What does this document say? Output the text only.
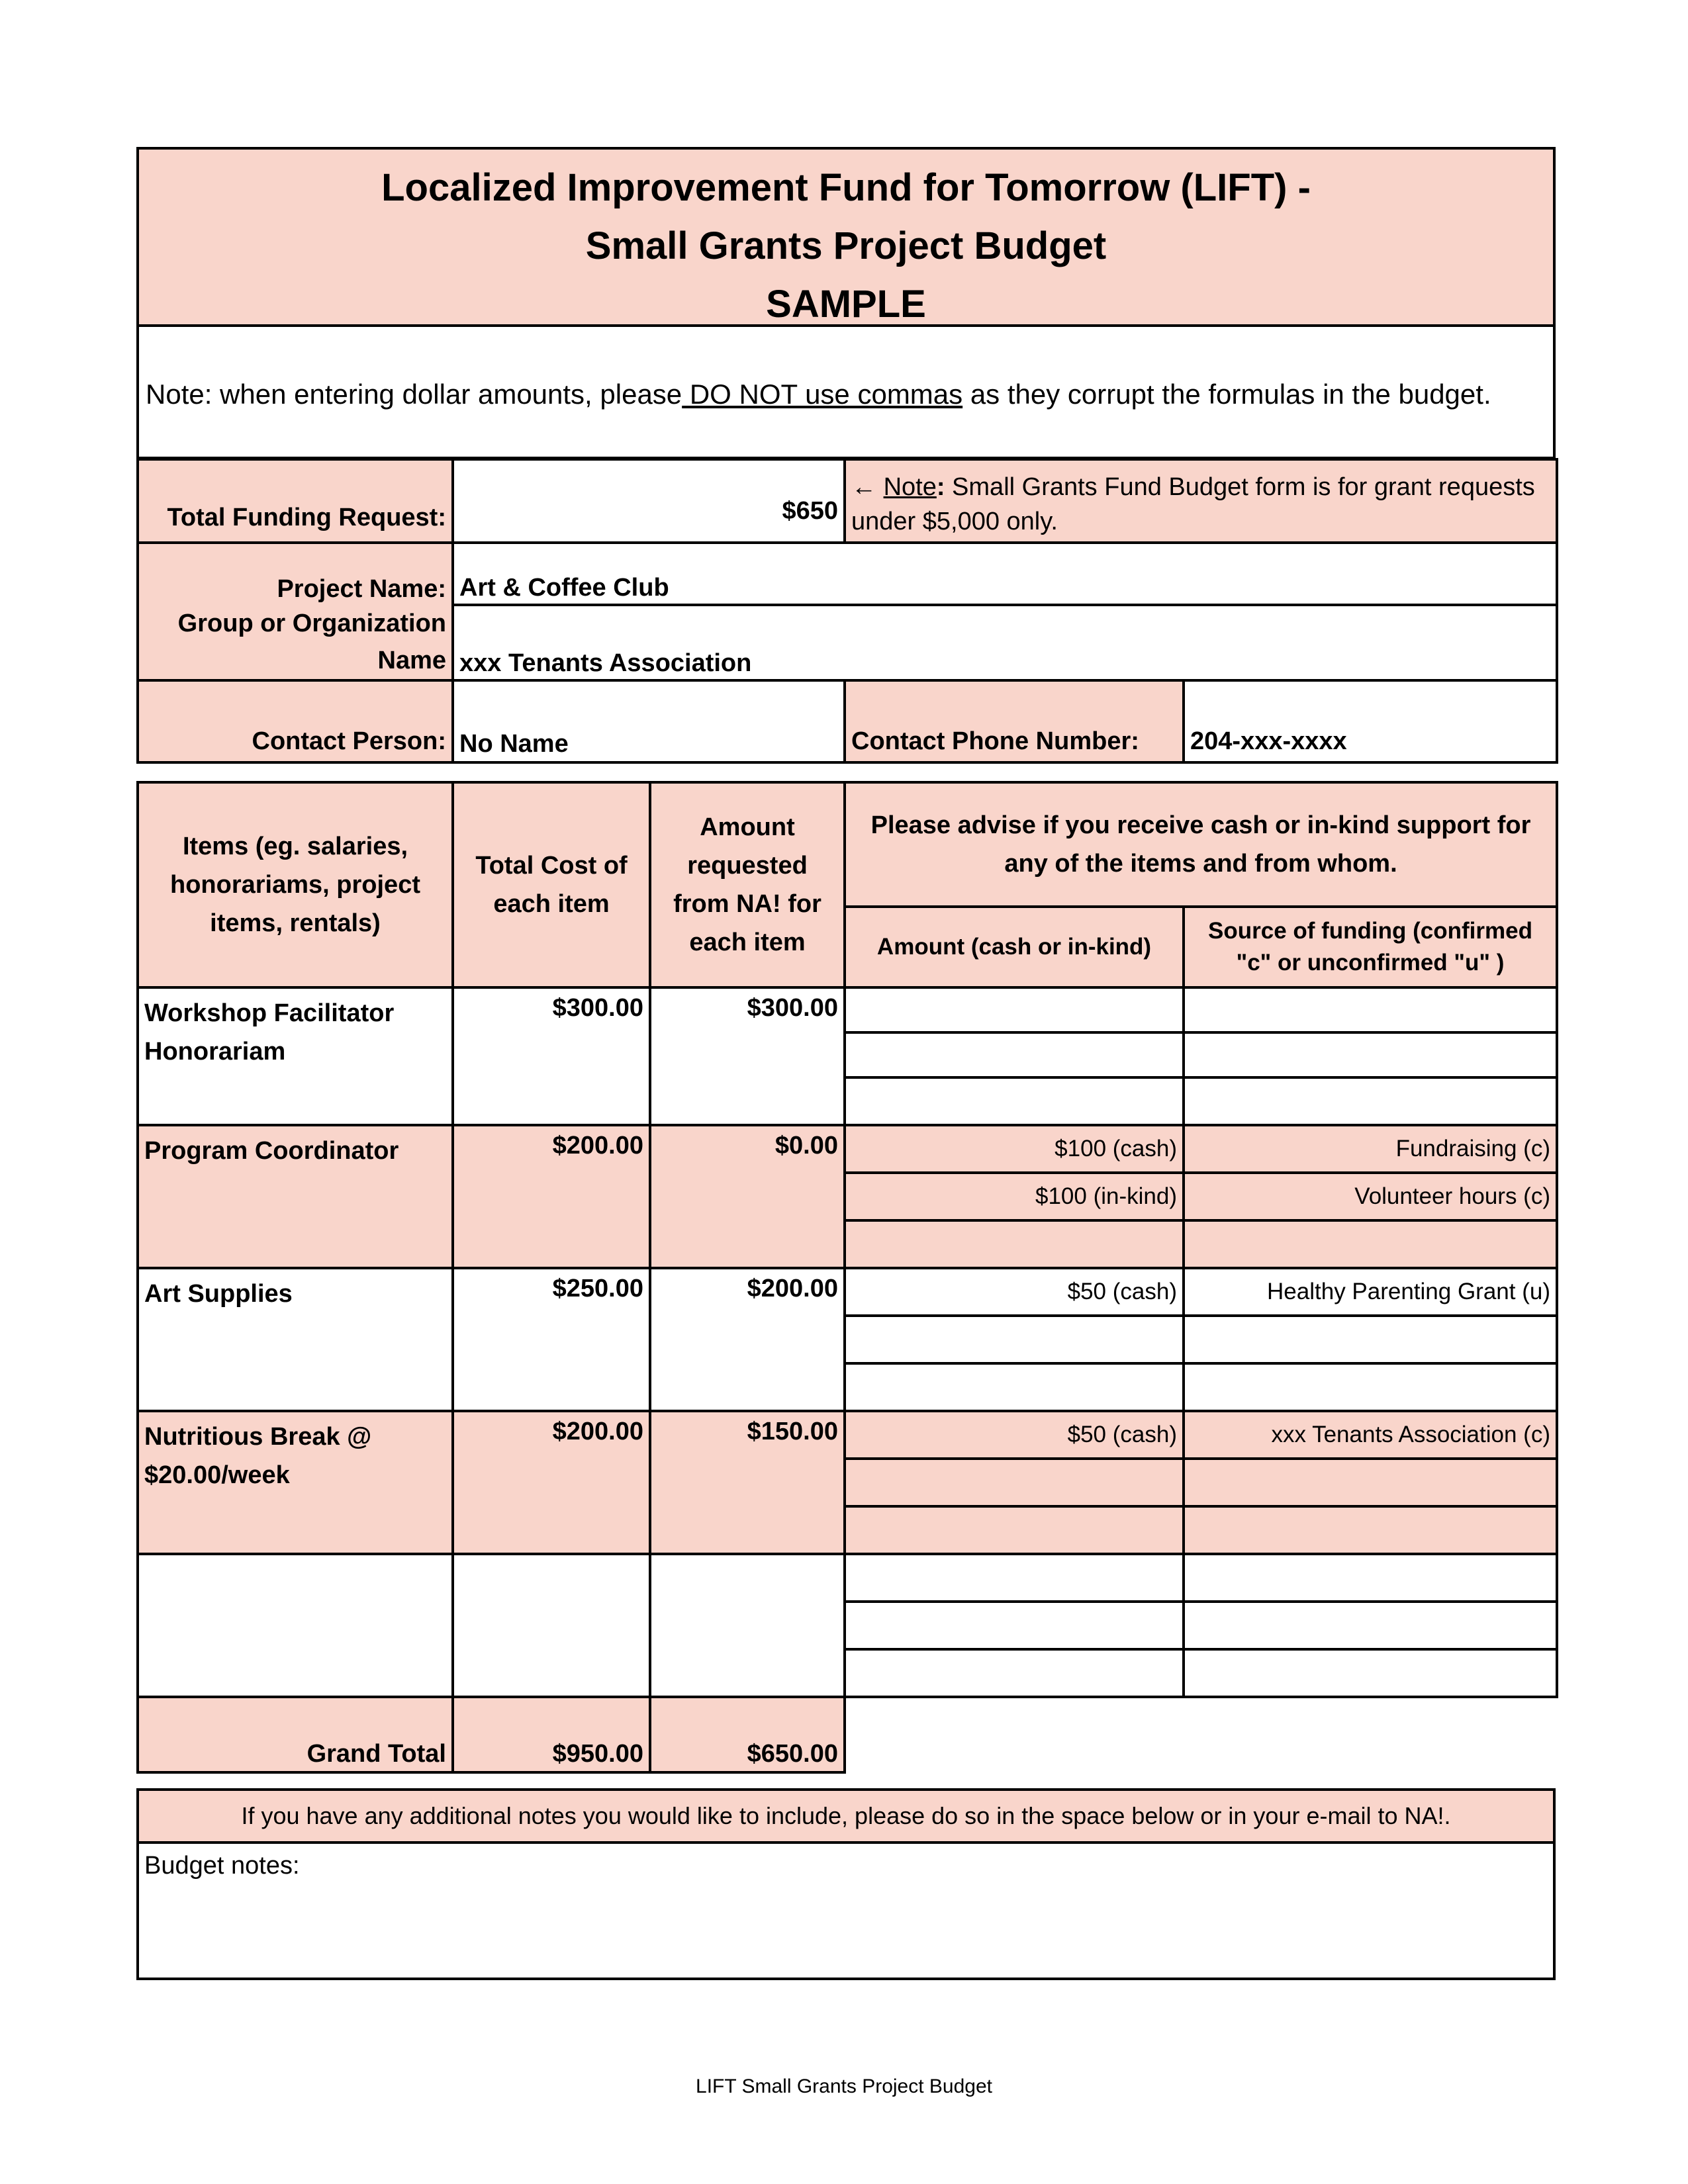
Localized Improvement Fund for Tomorrow (LIFT) -
Small Grants Project Budget
SAMPLE
Note: when entering dollar amounts, please DO NOT use commas as they corrupt the formulas in the budget.
Total Funding Request:	$650	← Note: Small Grants Fund Budget form is for grant requests under $5,000 only.	
Project Name:	Art & Coffee Club		

Group or Organization
Name	xxx Tenants Association		
Contact Person:	No Name	Contact Phone Number:	204-xxx-xxxx
Items (eg. salaries, honorariams, project items, rentals)	Total Cost of each item	Amount requested from NA! for each item	Please advise if you receive cash or in-kind support for any of the items and from whom.	
			Amount (cash or in-kind)	Source of funding (confirmed "c" or unconfirmed "u" )
Workshop Facilitator Honorariam	$300.00	$300.00		

Program Coordinator	$200.00	$0.00	$100 (cash)	Fundraising (c)
			$100 (in-kind)	Volunteer hours (c)

Art Supplies	$250.00	$200.00	$50 (cash)	Healthy Parenting Grant (u)

Nutritious Break @ $20.00/week	$200.00	$150.00	$50 (cash)	xxx Tenants Association (c)

Grand Total	$950.00	$650.00		
If you have any additional notes you would like to include, please do so in the space below or in your e-mail to NA!.
Budget notes:
LIFT Small Grants Project Budget
